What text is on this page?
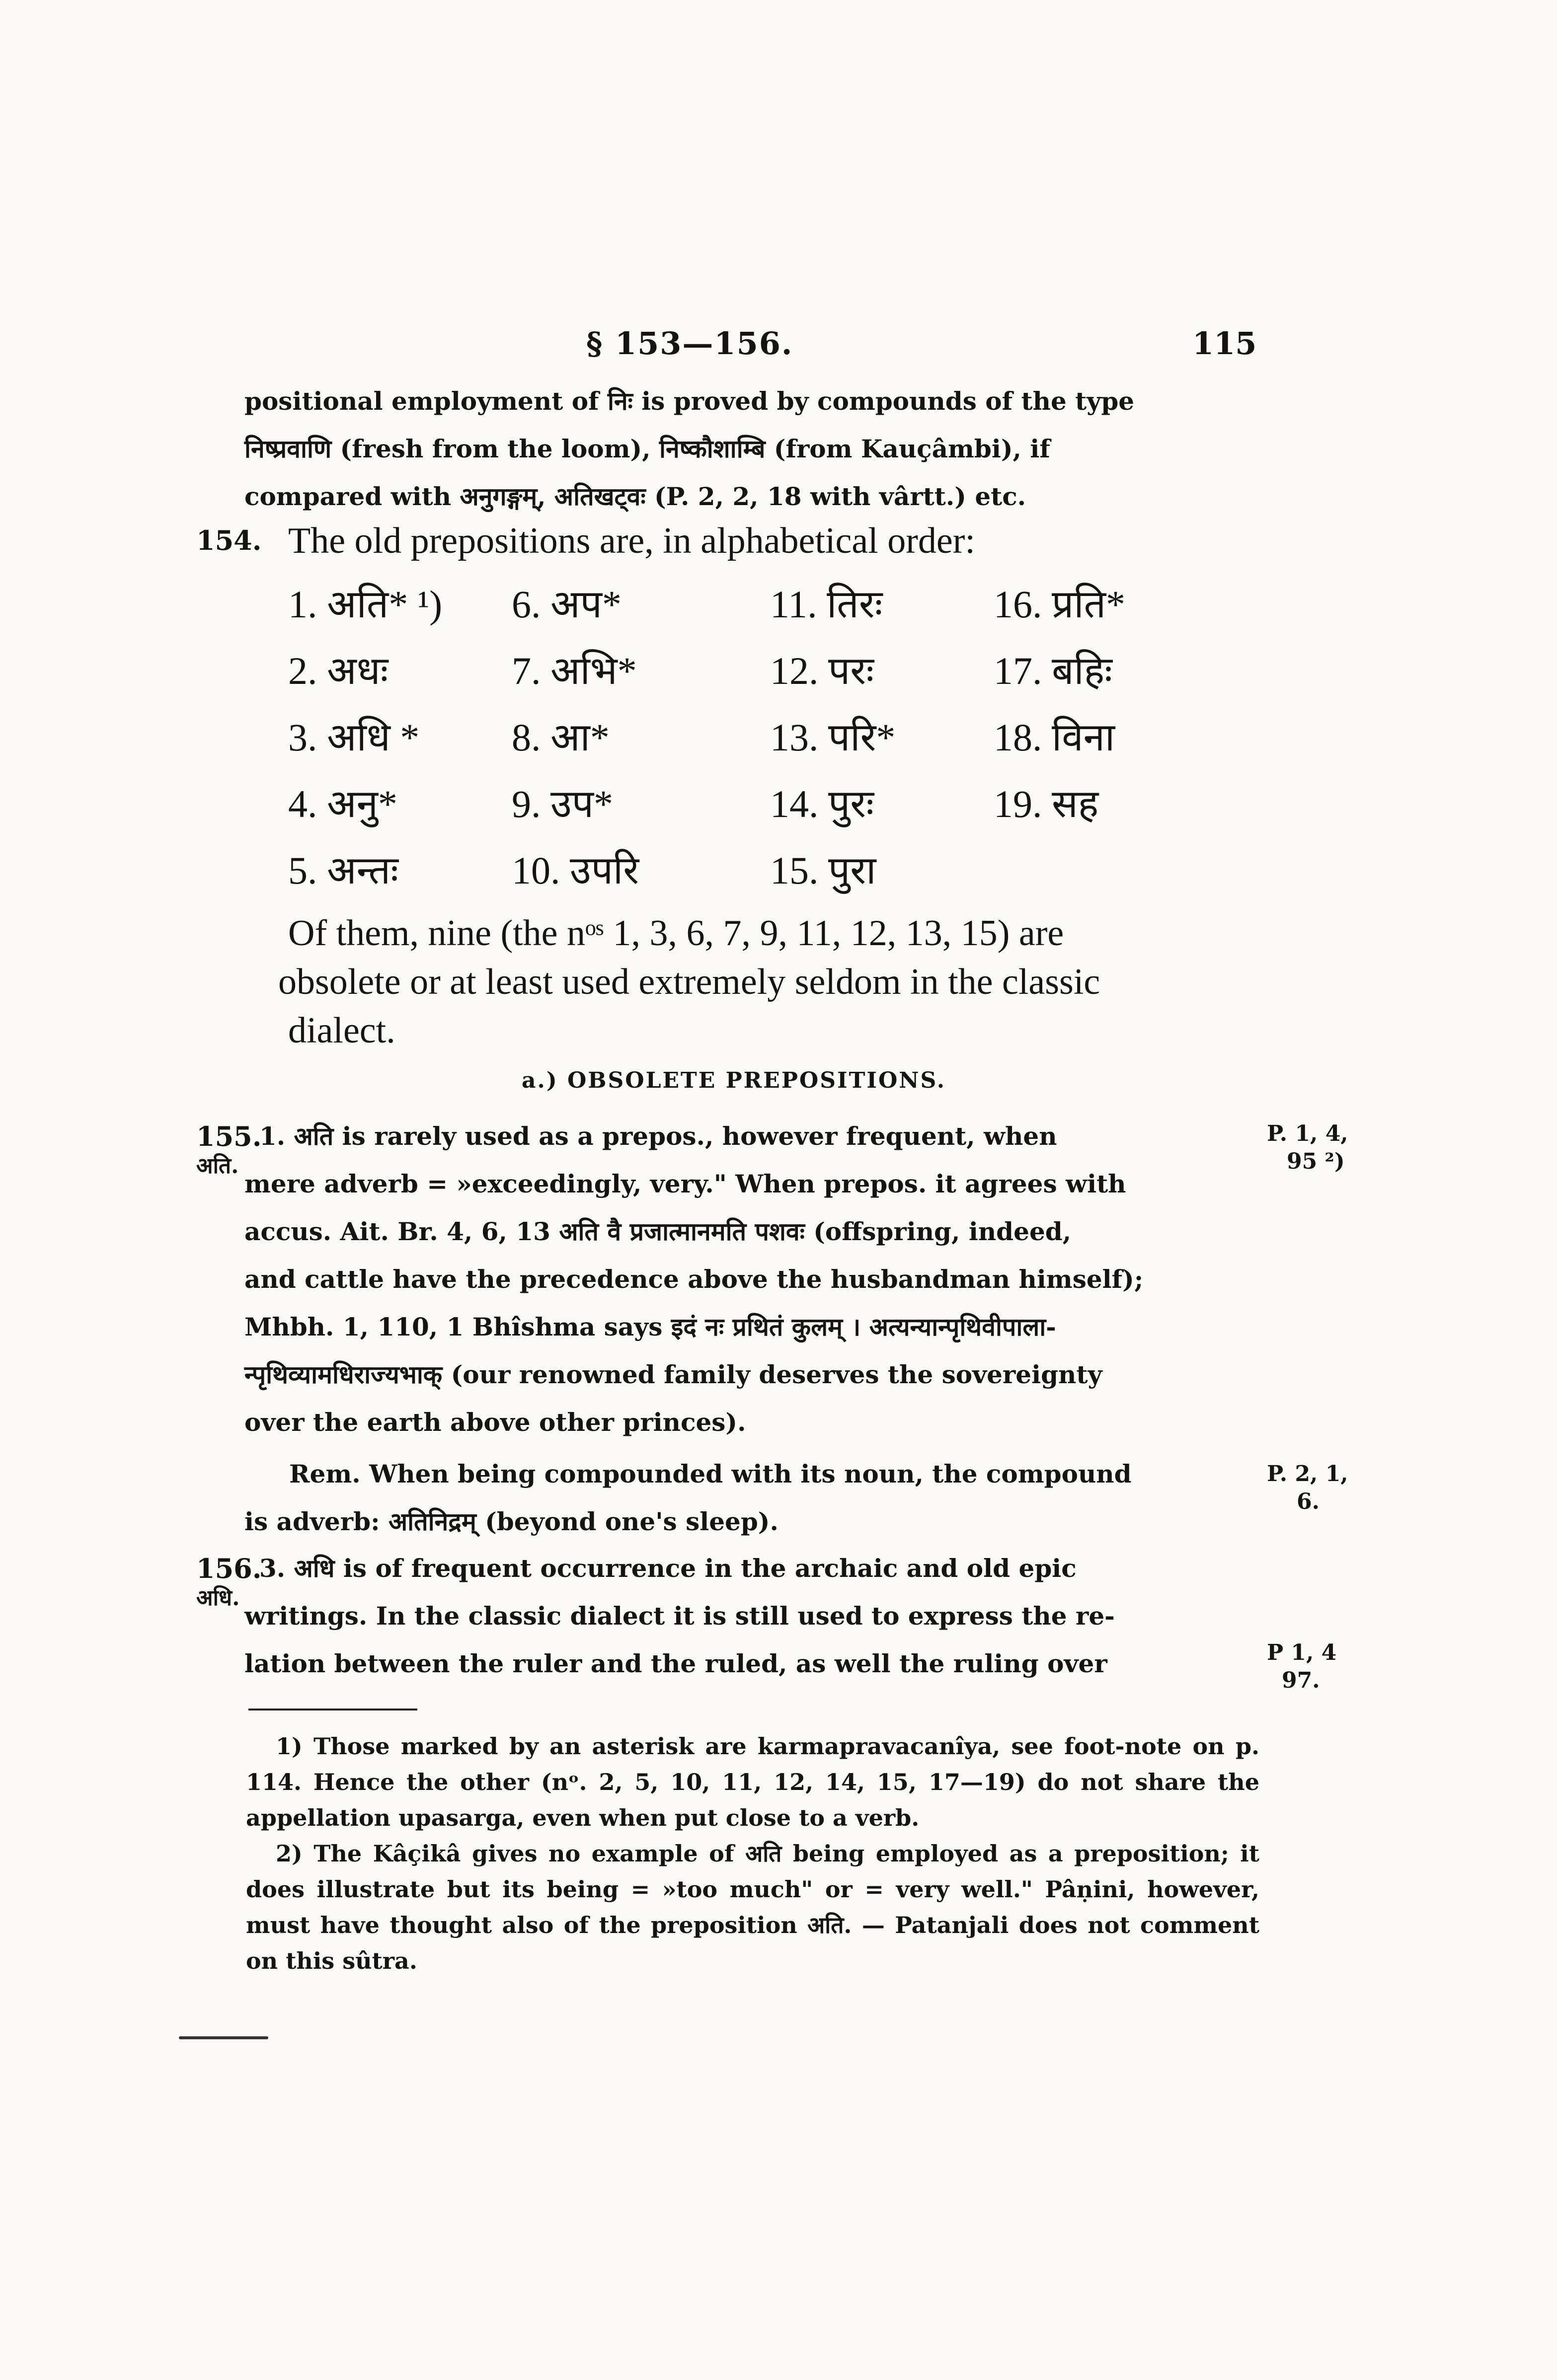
§ 153—156.	115
positional employment of निः is proved by compounds of the type
निष्प्रवाणि (fresh from the loom), निष्कौशाम्बि (from Kauçâmbi), if
compared with अनुगङ्गम्, अतिखट्वः (P. 2, 2, 18 with vârtt.) etc.
154. The old prepositions are, in alphabetical order:
1. अति* ¹)
2. अधः
3. अधि *
4. अनु*
5. अन्तः
6. अप*
7. अभि*
8. आ*
9. उप*
10. उपरि
11. तिरः
12. परः
13. परि*
14. पुरः
15. पुरा
16. प्रति*
17. बहिः
18. विना
19. सह
Of them, nine (the nᵒˢ 1, 3, 6, 7, 9, 11, 12, 13, 15) are
obsolete or at least used extremely seldom in the classic
dialect.
a.) OBSOLETE PREPOSITIONS.
155.
अति.
P. 1, 4,
95 ²)
1. अति is rarely used as a prepos., however frequent, when
mere adverb = »exceedingly, very." When prepos. it agrees with
accus. Ait. Br. 4, 6, 13 अति वै प्रजात्मानमति पशवः (offspring, indeed,
and cattle have the precedence above the husbandman himself);
Mhbh. 1, 110, 1 Bhîshma says इदं नः प्रथितं कुलम् । अत्यन्यान्पृथिवीपाला-
न्पृथिव्यामधिराज्यभाक् (our renowned family deserves the sovereignty
over the earth above other princes).
P. 2, 1,
6.
Rem. When being compounded with its noun, the compound
is adverb: अतिनिद्रम् (beyond one's sleep).
156.
अधि.
P 1, 4
97.
3. अधि is of frequent occurrence in the archaic and old epic
writings. In the classic dialect it is still used to express the re-
lation between the ruler and the ruled, as well the ruling over

1) Those marked by an asterisk are karmapravacanîya, see foot-note on p. 114. Hence the other (nᵒ. 2, 5, 10, 11, 12, 14, 15, 17—19) do not share the appellation upasarga, even when put close to a verb.

2) The Kâçikâ gives no example of अति being employed as a preposition; it does illustrate but its being = »too much" or = very well." Pâṇini, however, must have thought also of the preposition अति. — Patanjali does not comment on this sûtra.
